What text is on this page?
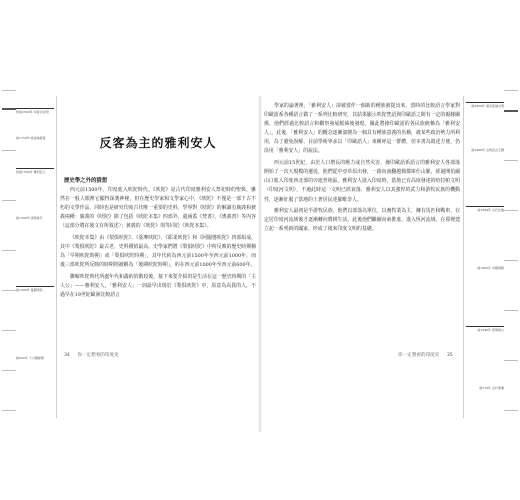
約前2500年 印度河文明
前1750年 哈拉帕衰落
約前1500年 雅利安人
前1500年 吠陀時代
前1000年 後期吠陀
前600年 十六國時期
反客為主的雅利安人
歷史學之外的猜想

西元前1500年，印度進入吠陀時代。《吠陀》是古代印度雅利安人祭祀時的聖典，雖然在一般人眼裡它顯得深奧神秘，但在歷史學家和文學家心中，《吠陀》不僅是一部千古不朽的文學作品，同時也是研究印度古代唯一重要的史料。學界對《吠陀》的解讀有廣義和狹義兩種：廣義的《吠陀》除了包括《吠陀本集》四部外，還涵蓋《梵書》、《奧義書》等內容（這部分將在後文有所敘述）；狹義的《吠陀》則等同於《吠陀本集》。

《吠陀本集》由《梨俱吠陀》、《娑摩吠陀》、《耶柔吠陀》和《阿闥婆吠陀》四部組成，其中《梨俱吠陀》最古老，史料價值最高。史學家們將《梨俱吠陀》中所反映的歷史時期稱為「早期吠陀時期」或「梨俱吠陀時期」，其年代約為西元前1500年至西元前1000年，而後三部吠陀所反映的時期則被稱為「後期吠陀時期」，約在西元前1000年至西元前600年。

聯解吠陀時代所處年代和叢約的階段後，接下來要介紹的是生活在這一歷史時期的「主人公」——雅利安人。「雅利安人」一詞最早出現於《梨俱吠陀》中，原意為高貴的人，不過早在19世紀歐洲比較語言

學家的論著裡，「雅利安人」卻被當作一個新的種族被提出來，當時的比較語言學家對印歐語系各種語言做了一系列比較研究，其結果顯示吠陀梵語與印歐語之間有一定的親緣關係，他們經過比較語言和觀察發展脈絡後發現，據此將操印歐語的各民族統稱為「雅利安人」。此後，「雅利安人」的概念逐漸演變為一個具有種族意義的名稱，被某些政治勢力所利用，為了避免誤解，目前學術界多以「印歐語人」來稱呼這一群體，但本書為敘述方便，仍沿用「雅利安人」的說法。

西元前15世紀，由於人口增長的壓力或自然災害，操印歐語系語言的雅利安人各部落開始了一次大規模的遷徙，他們從中亞草原出發，一路向南翻越興都庫什山脈，經過開伯爾山口進入印度西北部的旁遮普地區。雅利安人進入印度時，當地已有高度發達的哈拉帕文明（印度河文明），不過此時這一文明已經衰落，雅利安人以其強悍的武力和游牧民族的機動性，逐漸征服了當地的土著居民達羅毗荼人。

雅利安人最初是半游牧民族，他們以部落為單位，以畜牧業為主，擁有馬匹和戰車，在定居印度河流域後才逐漸轉向農耕生活。此後他們繼續向東推進，進入恆河流域，在那裡建立起一系列新的國家，形成了後來印度文明的基礎。

前3000年 兩河流域文明
前2686年 古埃及古王國
前1894年 古巴比倫
前1600年 中國商朝
前1046年 西周建立
前776年 古代奧運
34 你一定想看的印度史	你一定想看的印度史 35
